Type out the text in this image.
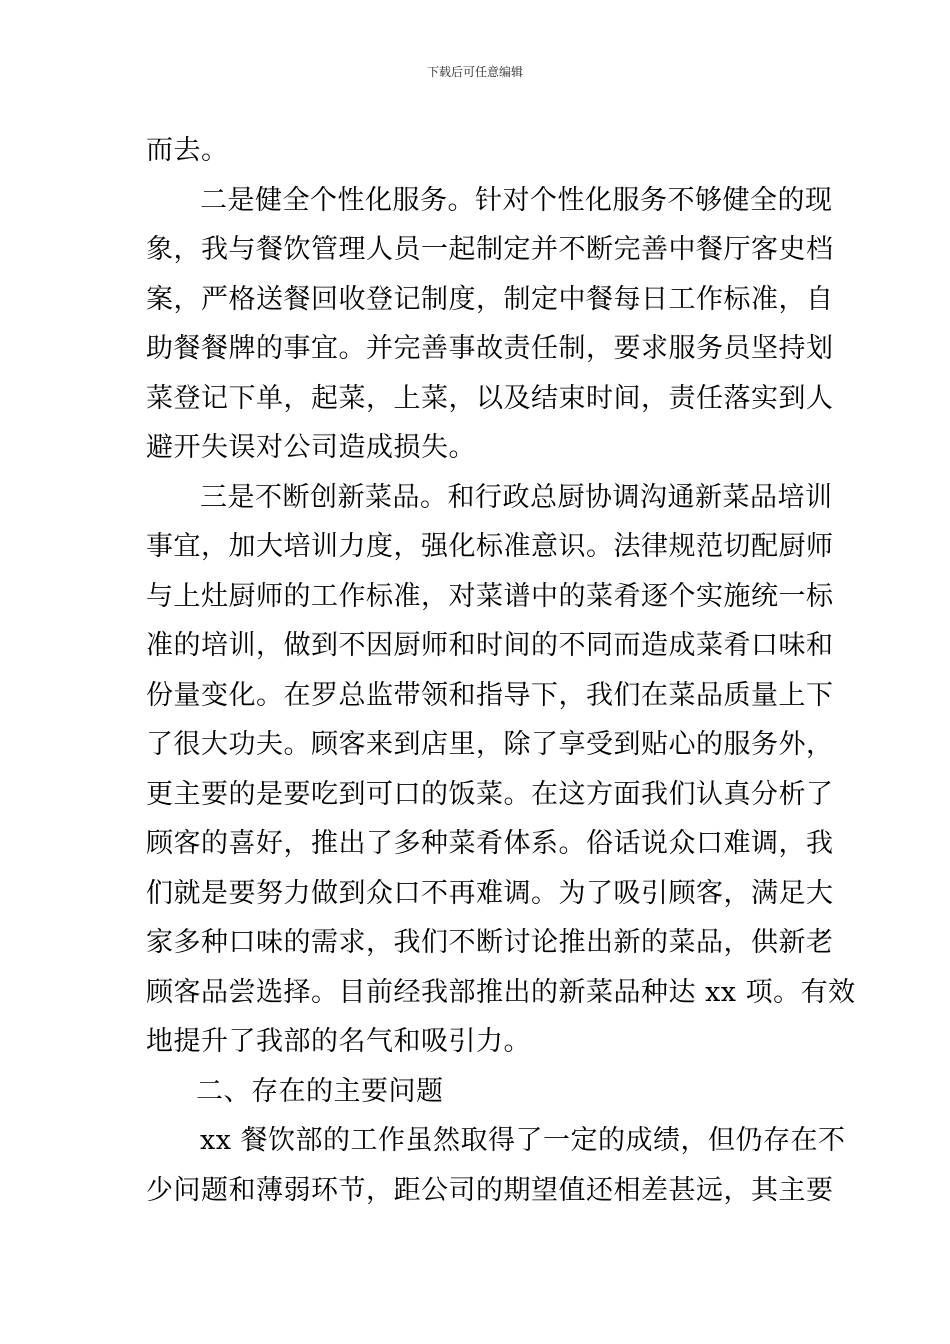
下载后可任意编辑
而去。
二是健全个性化服务。针对个性化服务不够健全的现
象，我与餐饮管理人员一起制定并不断完善中餐厅客史档
案，严格送餐回收登记制度，制定中餐每日工作标准，自
助餐餐牌的事宜。并完善事故责任制，要求服务员坚持划
菜登记下单，起菜，上菜，以及结束时间，责任落实到人
避开失误对公司造成损失。
三是不断创新菜品。和行政总厨协调沟通新菜品培训
事宜，加大培训力度，强化标准意识。法律规范切配厨师
与上灶厨师的工作标准，对菜谱中的菜肴逐个实施统一标
准的培训，做到不因厨师和时间的不同而造成菜肴口味和
份量变化。在罗总监带领和指导下，我们在菜品质量上下
了很大功夫。顾客来到店里，除了享受到贴心的服务外，
更主要的是要吃到可口的饭菜。在这方面我们认真分析了
顾客的喜好，推出了多种菜肴体系。俗话说众口难调，我
们就是要努力做到众口不再难调。为了吸引顾客，满足大
家多种口味的需求，我们不断讨论推出新的菜品，供新老
顾客品尝选择。目前经我部推出的新菜品种达 xx 项。有效
地提升了我部的名气和吸引力。
二、存在的主要问题
xx 餐饮部的工作虽然取得了一定的成绩，但仍存在不
少问题和薄弱环节，距公司的期望值还相差甚远，其主要
